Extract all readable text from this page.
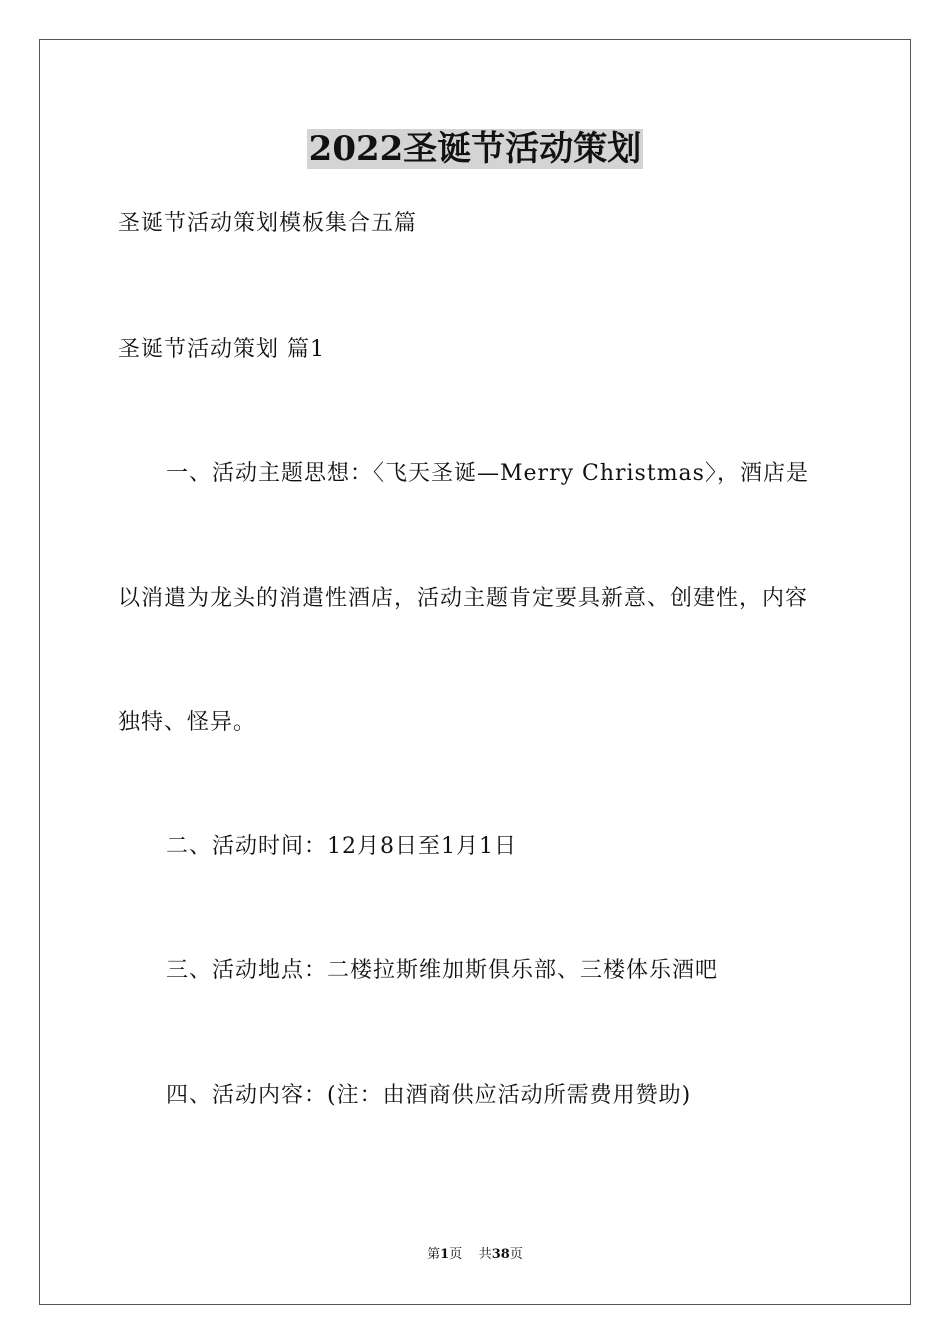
2022圣诞节活动策划
圣诞节活动策划模板集合五篇
圣诞节活动策划 篇1
一、活动主题思想：〈飞天圣诞—Merry Christmas〉，酒店是
以消遣为龙头的消遣性酒店，活动主题肯定要具新意、创建性，内容
独特、怪异。
二、活动时间：12月8日至1月1日
三、活动地点：二楼拉斯维加斯俱乐部、三楼体乐酒吧
四、活动内容：(注：由酒商供应活动所需费用赞助)
第1页 共38页
